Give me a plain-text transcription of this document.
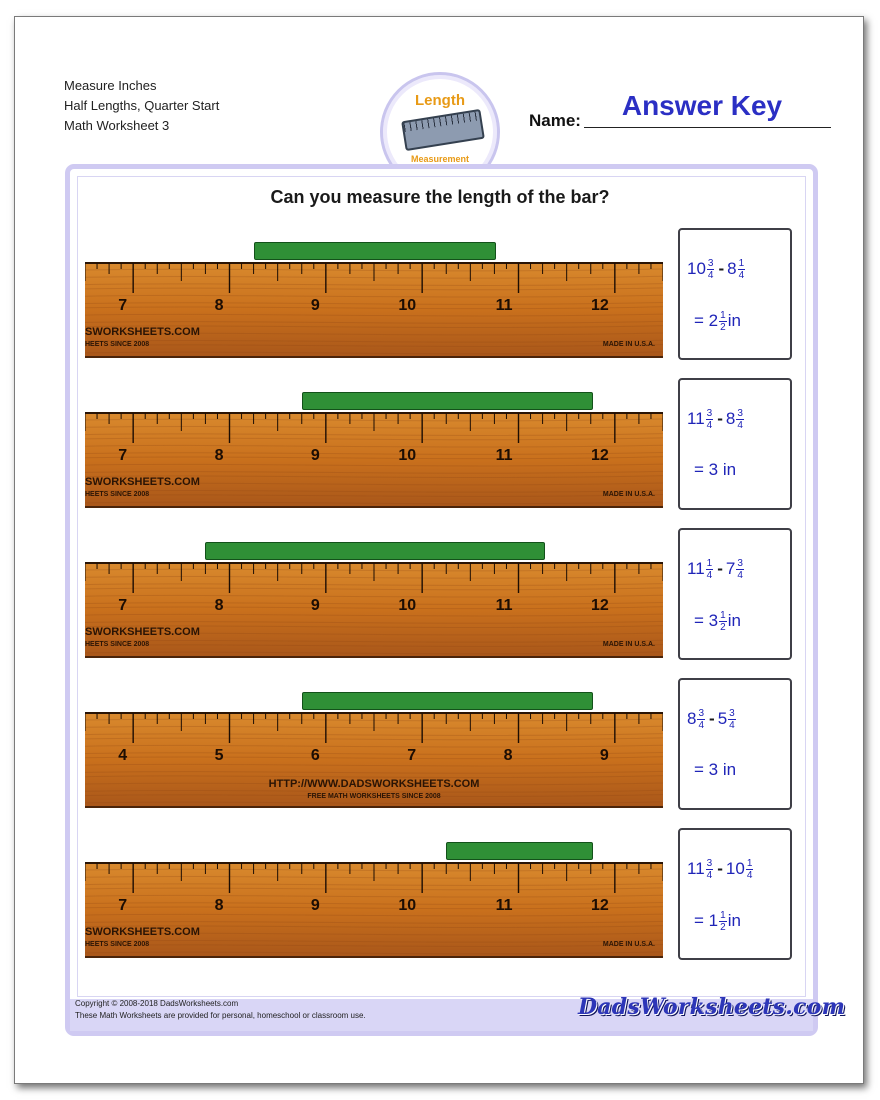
Measure Inches
Half Lengths, Quarter Start
Math Worksheet 3
Length
Measurement
Name:	Answer Key
Can you measure the length of the bar?
7	8	9	10	11	12
SWORKSHEETS.COM
HEETS SINCE 2008	MADE IN U.S.A.
$10 \frac{3}{4} - 8 \frac{1}{4}$
= $2 \frac{1}{2}$ in
7	8	9	10	11	12
SWORKSHEETS.COM
HEETS SINCE 2008	MADE IN U.S.A.
$11 \frac{3}{4} - 8 \frac{3}{4}$
= 3 in
7	8	9	10	11	12
SWORKSHEETS.COM
HEETS SINCE 2008	MADE IN U.S.A.
$11 \frac{1}{4} - 7 \frac{3}{4}$
= $3 \frac{1}{2}$ in
4	5	6	7	8	9
HTTP://WWW.DADSWORKSHEETS.COM
FREE MATH WORKSHEETS SINCE 2008
$8 \frac{3}{4} - 5 \frac{3}{4}$
= 3 in
7	8	9	10	11	12
SWORKSHEETS.COM
HEETS SINCE 2008	MADE IN U.S.A.
$11 \frac{3}{4} - 10 \frac{1}{4}$
= $1 \frac{1}{2}$ in
Copyright © 2008-2018 DadsWorksheets.com
These Math Worksheets are provided for personal, homeschool or classroom use.	DadsWorksheets.com
